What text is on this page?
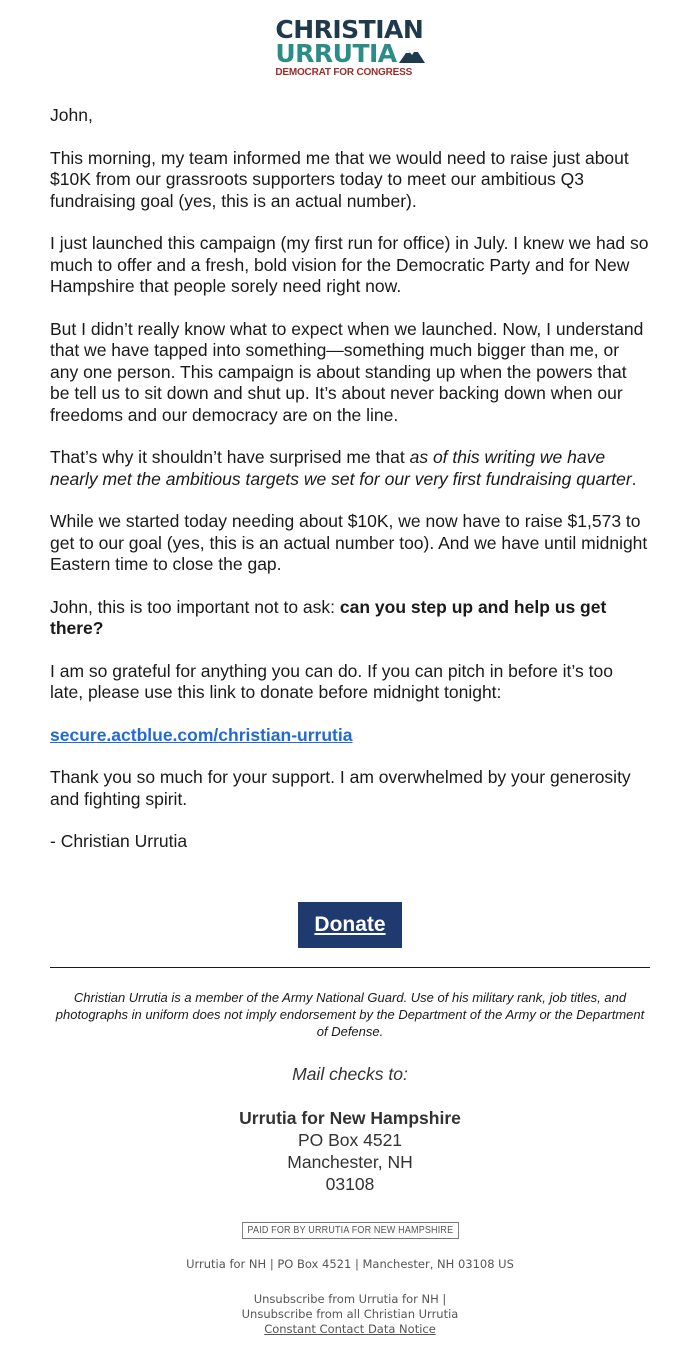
CHRISTIAN
URRUTIA
DEMOCRAT FOR CONGRESS

John,

This morning, my team informed me that we would need to raise just about $10K from our grassroots supporters today to meet our ambitious Q3 fundraising goal (yes, this is an actual number).

I just launched this campaign (my first run for office) in July. I knew we had so much to offer and a fresh, bold vision for the Democratic Party and for New Hampshire that people sorely need right now.

But I didn’t really know what to expect when we launched. Now, I understand that we have tapped into something—something much bigger than me, or any one person. This campaign is about standing up when the powers that be tell us to sit down and shut up. It’s about never backing down when our freedoms and our democracy are on the line.

That’s why it shouldn’t have surprised me that as of this writing we have nearly met the ambitious targets we set for our very first fundraising quarter.

While we started today needing about $10K, we now have to raise $1,573 to get to our goal (yes, this is an actual number too). And we have until midnight Eastern time to close the gap.

John, this is too important not to ask: can you step up and help us get there?

I am so grateful for anything you can do. If you can pitch in before it’s too late, please use this link to donate before midnight tonight:

secure.actblue.com/christian-urrutia

Thank you so much for your support. I am overwhelmed by your generosity and fighting spirit.

- Christian Urrutia

Donate
Christian Urrutia is a member of the Army National Guard. Use of his military rank, job titles, and photographs in uniform does not imply endorsement by the Department of the Army or the Department of Defense.
Mail checks to:
Urrutia for New Hampshire
PO Box 4521
Manchester, NH
03108
PAID FOR BY URRUTIA FOR NEW HAMPSHIRE
Urrutia for NH | PO Box 4521 | Manchester, NH 03108 US
Unsubscribe from Urrutia for NH |
Unsubscribe from all Christian Urrutia
Constant Contact Data Notice
